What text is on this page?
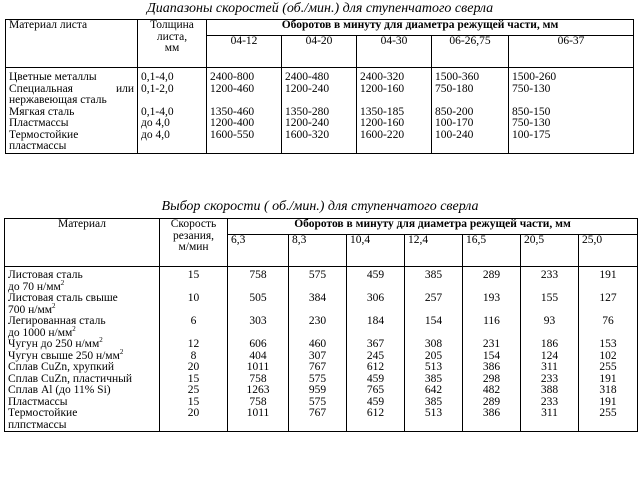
Диапазоны скоростей (об./мин.) для ступенчатого сверла
Материал листа	Толщина
листа,
мм	Оборотов в минуту для диаметра режущей части, мм				
		04-12	04-20	04-30	06-26,75	06-37

Цветные металлы	0,1-4,0	2400-800	2400-480	2400-320	1500-360	1500-260

Специальная или
нержавеющая сталь	0,1-2,0	1200-460	1200-240	1200-160	750-180	750-130

Мягкая сталь	0,1-4,0	1350-460	1350-280	1350-185	850-200	850-150

Пластмассы	до 4,0	1200-400	1200-240	1200-160	100-170	750-130

Термостойкие
пластмассы	до 4,0	1600-550	1600-320	1600-220	100-240	100-175
Выбор скорости ( об./мин.) для ступенчатого сверла
Материал	Скорость
резания,
м/мин	Оборотов в минуту для диаметра режущей части, мм						
		6,3	8,3	10,4	12,4	16,5	20,5	25,0

Листовая сталь
до 70 $н/мм^2$	15	758	575	459	385	289	233	191

Листовая сталь свыше
700 $н/мм^2$	10	505	384	306	257	193	155	127

Легированная сталь
до 1000 $н/мм^2$	6	303	230	184	154	116	93	76

Чугун до 250 $н/мм^2$	12	606	460	367	308	231	186	153

Чугун свыше 250 $н/мм^2$	8	404	307	245	205	154	124	102

Сплав CuZn, хрупкий	20	1011	767	612	513	386	311	255

Сплав CuZn, пластичный	15	758	575	459	385	298	233	191

Сплав Al (до 11% Si)	25	1263	959	765	642	482	388	318

Пластмассы	15	758	575	459	385	289	233	191

Термостойкие
плпстмассы	20	1011	767	612	513	386	311	255
